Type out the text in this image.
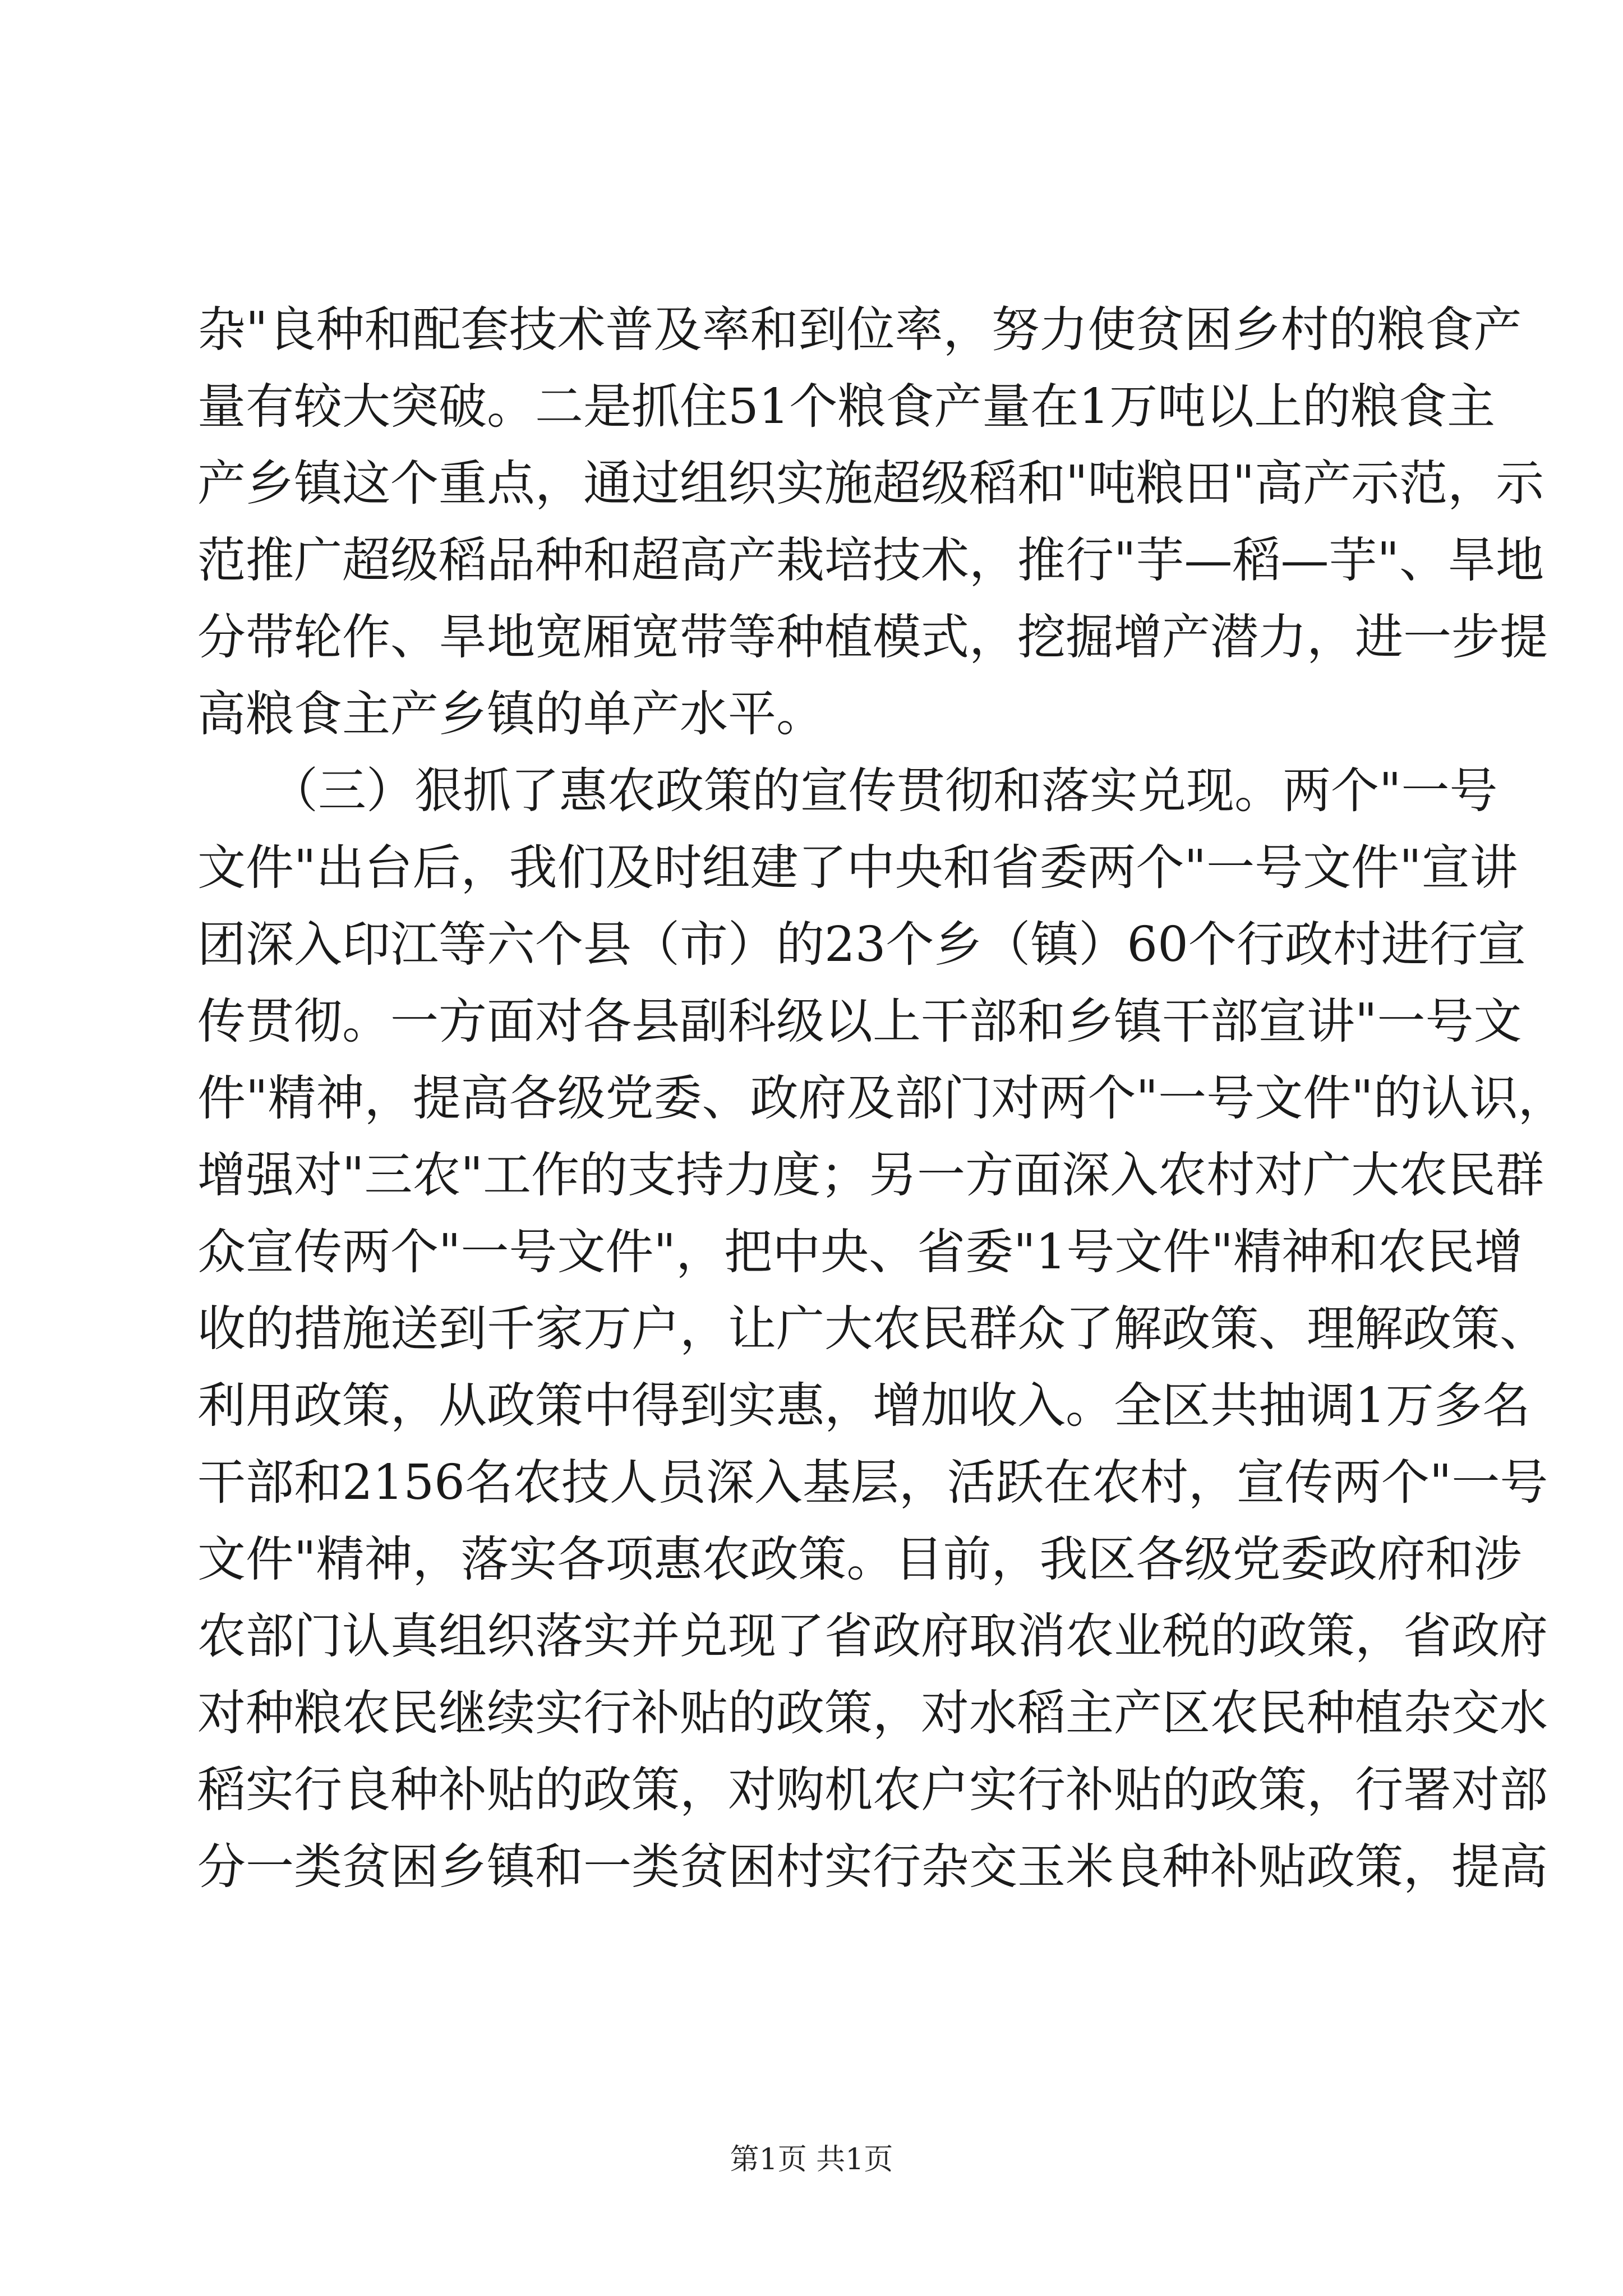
杂"良种和配套技术普及率和到位率，努力使贫困乡村的粮食产
量有较大突破。二是抓住51个粮食产量在1万吨以上的粮食主
产乡镇这个重点，通过组织实施超级稻和"吨粮田"高产示范，示
范推广超级稻品种和超高产栽培技术，推行"芋—稻—芋"、旱地
分带轮作、旱地宽厢宽带等种植模式，挖掘增产潜力，进一步提
高粮食主产乡镇的单产水平。
　　（三）狠抓了惠农政策的宣传贯彻和落实兑现。两个"一号
文件"出台后，我们及时组建了中央和省委两个"一号文件"宣讲
团深入印江等六个县（市）的23个乡（镇）60个行政村进行宣
传贯彻。一方面对各县副科级以上干部和乡镇干部宣讲"一号文
件"精神，提高各级党委、政府及部门对两个"一号文件"的认识，
增强对"三农"工作的支持力度；另一方面深入农村对广大农民群
众宣传两个"一号文件"，把中央、省委"1号文件"精神和农民增
收的措施送到千家万户，让广大农民群众了解政策、理解政策、
利用政策，从政策中得到实惠，增加收入。全区共抽调1万多名
干部和2156名农技人员深入基层，活跃在农村，宣传两个"一号
文件"精神，落实各项惠农政策。目前，我区各级党委政府和涉
农部门认真组织落实并兑现了省政府取消农业税的政策，省政府
对种粮农民继续实行补贴的政策，对水稻主产区农民种植杂交水
稻实行良种补贴的政策，对购机农户实行补贴的政策，行署对部
分一类贫困乡镇和一类贫困村实行杂交玉米良种补贴政策，提高
第1页 共1页
